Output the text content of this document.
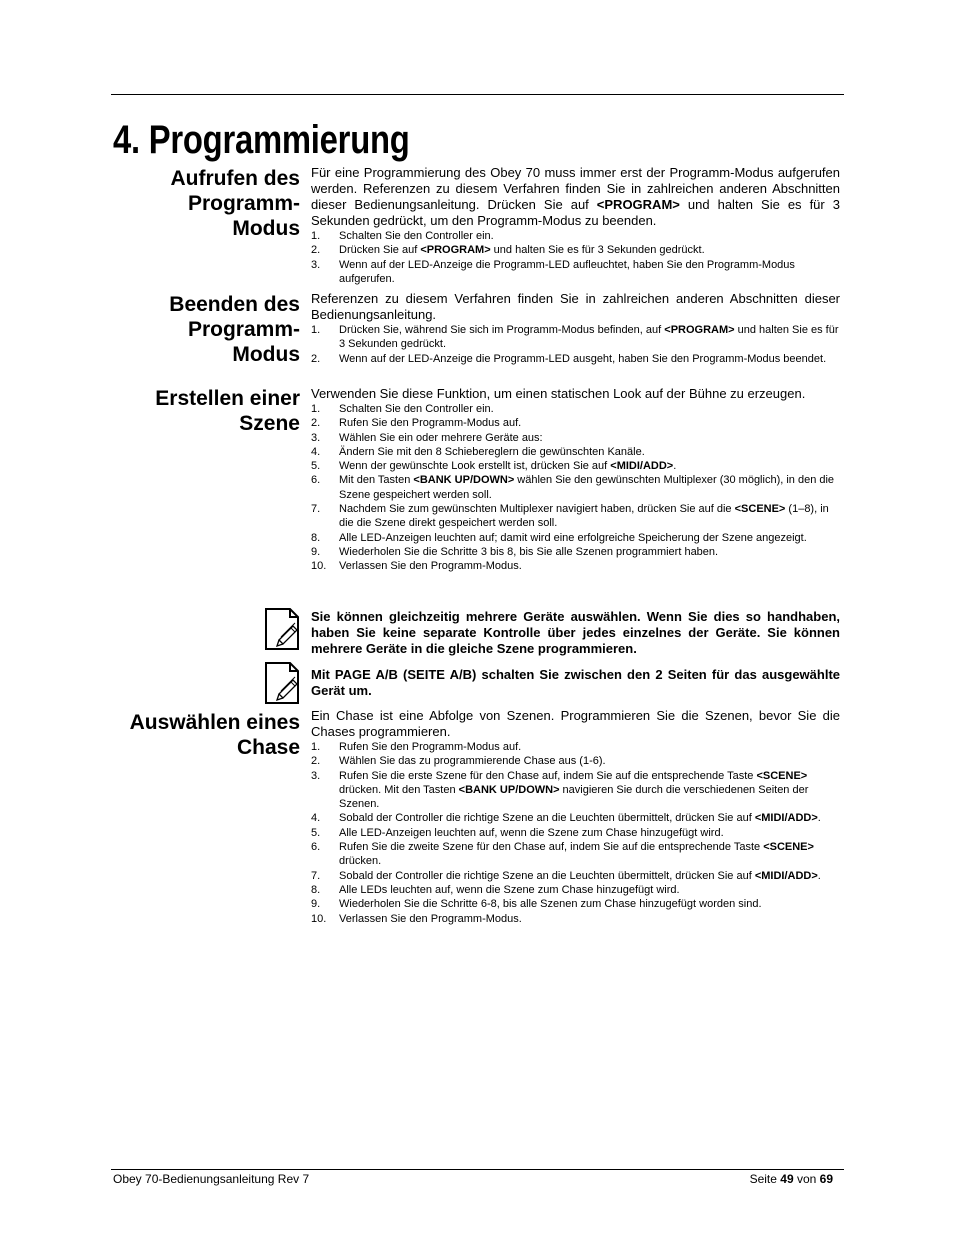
4. Programmierung
Aufrufen des
Programm-
Modus

Für eine Programmierung des Obey 70 muss immer erst der Programm-Modus aufgerufen werden. Referenzen zu diesem Verfahren finden Sie in zahlreichen anderen Abschnitten dieser Bedienungsanleitung. Drücken Sie auf <PROGRAM> und halten Sie es für 3 Sekunden gedrückt, um den Programm-Modus zu beenden.

1. Schalten Sie den Controller ein.
2. Drücken Sie auf <PROGRAM> und halten Sie es für 3 Sekunden gedrückt.
3. Wenn auf der LED-Anzeige die Programm-LED aufleuchtet, haben Sie den Programm-Modus aufgerufen.
Beenden des
Programm-
Modus

Referenzen zu diesem Verfahren finden Sie in zahlreichen anderen Abschnitten dieser Bedienungsanleitung.

1. Drücken Sie, während Sie sich im Programm-Modus befinden, auf <PROGRAM> und halten Sie es für 3 Sekunden gedrückt.
2. Wenn auf der LED-Anzeige die Programm-LED ausgeht, haben Sie den Programm-Modus beendet.
Erstellen einer
Szene

Verwenden Sie diese Funktion, um einen statischen Look auf der Bühne zu erzeugen.

1. Schalten Sie den Controller ein.
2. Rufen Sie den Programm-Modus auf.
3. Wählen Sie ein oder mehrere Geräte aus:
4. Ändern Sie mit den 8 Schiebereglern die gewünschten Kanäle.
5. Wenn der gewünschte Look erstellt ist, drücken Sie auf <MIDI/ADD>.
6. Mit den Tasten <BANK UP/DOWN> wählen Sie den gewünschten Multiplexer (30 möglich), in den die Szene gespeichert werden soll.
7. Nachdem Sie zum gewünschten Multiplexer navigiert haben, drücken Sie auf die <SCENE> (1–8), in die die Szene direkt gespeichert werden soll.
8. Alle LED-Anzeigen leuchten auf; damit wird eine erfolgreiche Speicherung der Szene angezeigt.
9. Wiederholen Sie die Schritte 3 bis 8, bis Sie alle Szenen programmiert haben.
10. Verlassen Sie den Programm-Modus.

Sie können gleichzeitig mehrere Geräte auswählen. Wenn Sie dies so handhaben, haben Sie keine separate Kontrolle über jedes einzelnes der Geräte. Sie können mehrere Geräte in die gleiche Szene programmieren.

Mit PAGE A/B (SEITE A/B) schalten Sie zwischen den 2 Seiten für das ausgewählte Gerät um.

Auswählen eines
Chase

Ein Chase ist eine Abfolge von Szenen. Programmieren Sie die Szenen, bevor Sie die Chases programmieren.

1. Rufen Sie den Programm-Modus auf.
2. Wählen Sie das zu programmierende Chase aus (1-6).
3. Rufen Sie die erste Szene für den Chase auf, indem Sie auf die entsprechende Taste <SCENE> drücken. Mit den Tasten <BANK UP/DOWN> navigieren Sie durch die verschiedenen Seiten der Szenen.
4. Sobald der Controller die richtige Szene an die Leuchten übermittelt, drücken Sie auf <MIDI/ADD>.
5. Alle LED-Anzeigen leuchten auf, wenn die Szene zum Chase hinzugefügt wird.
6. Rufen Sie die zweite Szene für den Chase auf, indem Sie auf die entsprechende Taste <SCENE> drücken.
7. Sobald der Controller die richtige Szene an die Leuchten übermittelt, drücken Sie auf <MIDI/ADD>.
8. Alle LEDs leuchten auf, wenn die Szene zum Chase hinzugefügt wird.
9. Wiederholen Sie die Schritte 6-8, bis alle Szenen zum Chase hinzugefügt worden sind.
10. Verlassen Sie den Programm-Modus.
Obey 70-Bedienungsanleitung Rev 7	Seite 49 von 69
